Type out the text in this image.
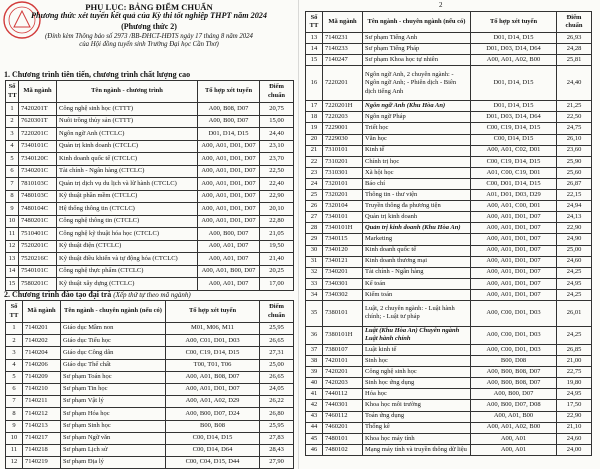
PHỤ LỤC: BẢNG ĐIỂM CHUẨN
Phương thức xét tuyển kết quả của Kỳ thi tốt nghiệp THPT năm 2024
(Phương thức 2)
(Đính kèm Thông báo số 2973 /BB-ĐHCT-HĐTS ngày 17 tháng 8 năm 2024
của Hội đồng tuyển sinh Trường Đại học Cần Thơ)
1. Chương trình tiên tiến, chương trình chất lượng cao
Số TT	Mã ngành	Tên ngành - chương trình	Tổ hợp xét tuyển	Điểm chuẩn
1	7420201T	Công nghệ sinh học (CTTT)	A00, B08, D07	20,75
2	7620301T	Nuôi trồng thủy sản (CTTT)	A00, B00, D07	15,00
3	7220201C	Ngôn ngữ Anh (CTCLC)	D01, D14, D15	24,40
4	7340101C	Quản trị kinh doanh (CTCLC)	A00, A01, D01, D07	23,10
5	7340120C	Kinh doanh quốc tế (CTCLC)	A00, A01, D01, D07	23,70
6	7340201C	Tài chính - Ngân hàng (CTCLC)	A00, A01, D01, D07	22,50
7	7810103C	Quản trị dịch vụ du lịch và lữ hành (CTCLC)	A00, A01, D01, D07	22,40
8	7480103C	Kỹ thuật phần mềm (CTCLC)	A00, A01, D01, D07	22,90
9	7480104C	Hệ thống thông tin (CTCLC)	A00, A01, D01, D07	20,10
10	7480201C	Công nghệ thông tin (CTCLC)	A00, A01, D01, D07	22,80
11	7510401C	Công nghệ kỹ thuật hóa học (CTCLC)	A00, B00, D07	21,05
12	7520201C	Kỹ thuật điện (CTCLC)	A00, A01, D07	19,50
13	7520216C	Kỹ thuật điều khiển và tự động hóa (CTCLC)	A00, A01, D07	21,40
14	7540101C	Công nghệ thực phẩm (CTCLC)	A00, A01, B00, D07	20,25
15	7580201C	Kỹ thuật xây dựng (CTCLC)	A00, A01, D07	17,00
2. Chương trình đào tạo đại trà (Xếp thứ tự theo mã ngành)
Số TT	Mã ngành	Tên ngành - chuyên ngành (nếu có)	Tổ hợp xét tuyển	Điểm chuẩn
1	7140201	Giáo dục Mầm non	M01, M06, M11	25,95
2	7140202	Giáo dục Tiểu học	A00, C01, D01, D03	26,65
3	7140204	Giáo dục Công dân	C00, C19, D14, D15	27,31
4	7140206	Giáo dục Thể chất	T00, T01, T06	25,00
5	7140209	Sư phạm Toán học	A00, A01, B08, D07	26,65
6	7140210	Sư phạm Tin học	A00, A01, D01, D07	24,05
7	7140211	Sư phạm Vật lý	A00, A01, A02, D29	26,22
8	7140212	Sư phạm Hóa học	A00, B00, D07, D24	26,80
9	7140213	Sư phạm Sinh học	B00, B08	25,95
10	7140217	Sư phạm Ngữ văn	C00, D14, D15	27,83
11	7140218	Sư phạm Lịch sử	C00, D14, D64	28,43
12	7140219	Sư phạm Địa lý	C00, C04, D15, D44	27,90
2
Số TT	Mã ngành	Tên ngành - chuyên ngành (nếu có)	Tổ hợp xét tuyển	Điểm chuẩn
13	7140231	Sư phạm Tiếng Anh	D01, D14, D15	26,93
14	7140233	Sư phạm Tiếng Pháp	D01, D03, D14, D64	24,28
15	7140247	Sư phạm Khoa học tự nhiên	A00, A01, A02, B00	25,81
16	7220201	Ngôn ngữ Anh, 2 chuyên ngành: - Ngôn ngữ Anh; - Phiên dịch - Biên dịch tiếng Anh	D01, D14, D15	24,40
17	7220201H	Ngôn ngữ Anh (Khu Hòa An)	D01, D14, D15	21,25
18	7220203	Ngôn ngữ Pháp	D01, D03, D14, D64	22,50
19	7229001	Triết học	C00, C19, D14, D15	24,75
20	7229030	Văn học	C00, D14, D15	26,10
21	7310101	Kinh tế	A00, A01, C02, D01	23,60
22	7310201	Chính trị học	C00, C19, D14, D15	25,90
23	7310301	Xã hội học	A01, C00, C19, D01	25,60
24	7320101	Báo chí	C00, D01, D14, D15	26,87
25	7320201	Thông tin - thư viện	A01, D01, D03, D29	22,15
26	7320104	Truyền thông đa phương tiện	A00, A01, C00, D01	24,94
27	7340101	Quản trị kinh doanh	A00, A01, D01, D07	24,13
28	7340101H	Quản trị kinh doanh (Khu Hòa An)	A00, A01, D01, D07	22,90
29	7340115	Marketing	A00, A01, D01, D07	24,90
30	7340120	Kinh doanh quốc tế	A00, A01, D01, D07	25,00
31	7340121	Kinh doanh thương mại	A00, A01, D01, D07	24,60
32	7340201	Tài chính - Ngân hàng	A00, A01, D01, D07	24,25
33	7340301	Kế toán	A00, A01, D01, D07	24,95
34	7340302	Kiểm toán	A00, A01, D01, D07	24,25
35	7380101	Luật, 2 chuyên ngành: - Luật hành chính; - Luật tư pháp	A00, C00, D01, D03	26,01
36	7380101H	Luật (Khu Hòa An) Chuyên ngành Luật hành chính	A00, C00, D01, D03	24,25
37	7380107	Luật kinh tế	A00, C00, D01, D03	26,85
38	7420101	Sinh học	B00, D08	21,00
39	7420201	Công nghệ sinh học	A00, B00, B08, D07	22,75
40	7420203	Sinh học ứng dụng	A00, B00, B08, D07	19,80
41	7440112	Hóa học	A00, B00, D07	24,95
42	7440301	Khoa học môi trường	A00, B00, D07, D08	17,50
43	7460112	Toán ứng dụng	A00, A01, B00	22,90
44	7460201	Thống kê	A00, A01, A02, B00	21,10
45	7480101	Khoa học máy tính	A00, A01	24,60
46	7480102	Mạng máy tính và truyền thông dữ liệu	A00, A01	24,00
